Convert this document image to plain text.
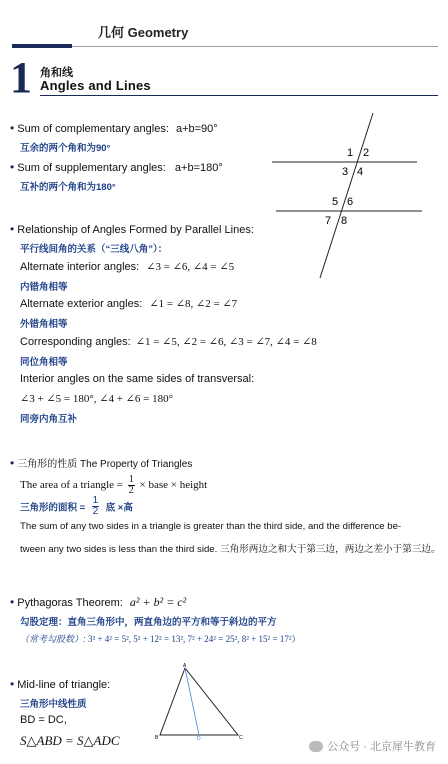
几何 Geometry
1 角和线
Angles and Lines
• Sum of complementary angles: a+b=90°
互余的两个角和为90°
• Sum of supplementary angles: a+b=180°
互补的两个角和为180°
1 2
3 4
5 6
7 8
• Relationship of Angles Formed by Parallel Lines:
平行线间角的关系（“三线八角”）：
Alternate interior angles: ∠3 = ∠6, ∠4 = ∠5
内错角相等
Alternate exterior angles: ∠1 = ∠8, ∠2 = ∠7
外错角相等
Corresponding angles: ∠1 = ∠5, ∠2 = ∠6, ∠3 = ∠7, ∠4 = ∠8
同位角相等
Interior angles on the same sides of transversal:
∠3 + ∠5 = 180°, ∠4 + ∠6 = 180°
同旁内角互补
• 三角形的性质 The Property of Triangles
The area of a triangle = $\frac{1}{2}$ × base × height
三角形的面积 = $\frac{1}{2}$ 底 ×高
The sum of any two sides in a triangle is greater than the third side, and the difference be-
tween any two sides is less than the third side. 三角形两边之和大于第三边，两边之差小于第三边。
• Pythagoras Theorem: a² + b² = c²
勾股定理：直角三角形中，两直角边的平方和等于斜边的平方
（常考勾股数）: 3² + 4² = 5², 5² + 12² = 13², 7² + 24² = 25², 8² + 15² = 17²）
• Mid-line of triangle:
三角形中线性质
BD = DC,
S△ABD = S△ADC
A
B	D	C
公众号 · 北京犀牛教育
